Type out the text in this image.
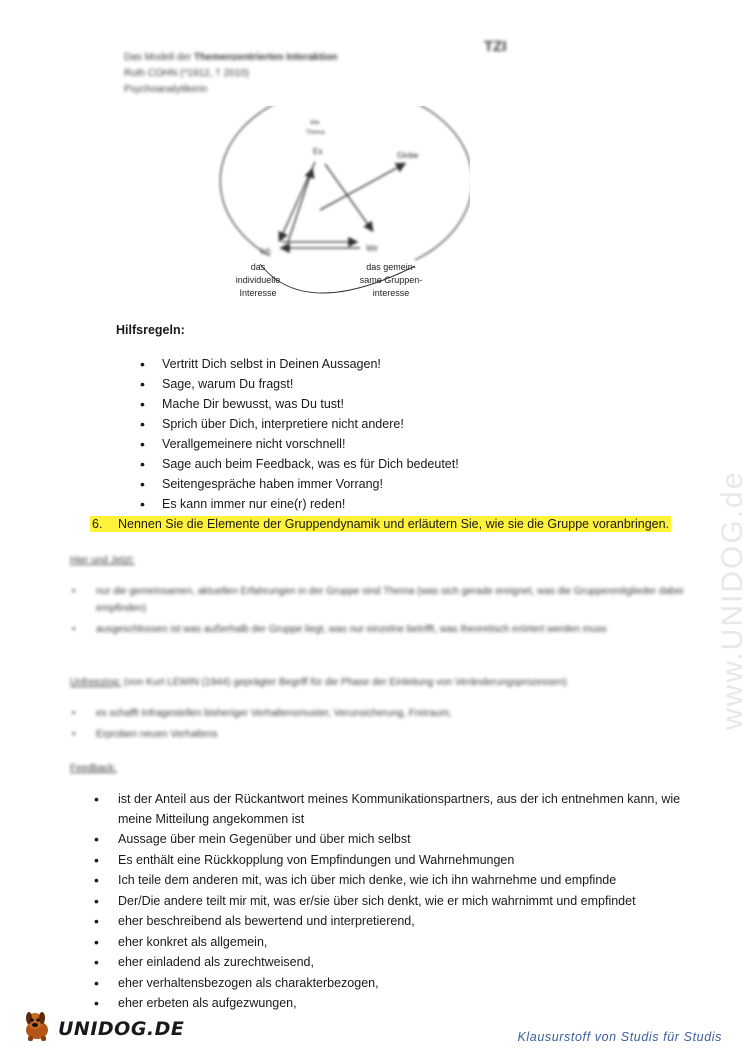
TZI
Das Modell der Themenzentrierten Interaktion
Ruth COHN (*1912, † 2010)
Psychoanalytikerin
das
Thema
Es	Globe
Ich	Wir
das
individuelle
Interesse
das gemein-
same Gruppen-
interesse
Hilfsregeln:
• Vertritt Dich selbst in Deinen Aussagen!
• Sage, warum Du fragst!
• Mache Dir bewusst, was Du tust!
• Sprich über Dich, interpretiere nicht andere!
• Verallgemeinere nicht vorschnell!
• Sage auch beim Feedback, was es für Dich bedeutet!
• Seitengespräche haben immer Vorrang!
• Es kann immer nur eine(r) reden!
6. Nennen Sie die Elemente der Gruppendynamik und erläutern Sie, wie sie die Gruppe voranbringen.
Hier und Jetzt:
• nur die gemeinsamen, aktuellen Erfahrungen in der Gruppe sind Thema (was sich gerade ereignet, was die Gruppenmitglieder dabei empfinden)
• ausgeschlossen ist was außerhalb der Gruppe liegt, was nur einzelne betrifft, was theoretisch erörtert werden muss
Unfreezing: (von Kurt LEWIN (1944) geprägter Begriff für die Phase der Einleitung von Veränderungsprozessen)
• es schafft Infragestellen bisheriger Verhaltensmuster, Verunsicherung, Freiraum,
• Erproben neuen Verhaltens
Feedback:
• ist der Anteil aus der Rückantwort meines Kommunikationspartners, aus der ich entnehmen kann, wie meine Mitteilung angekommen ist
• Aussage über mein Gegenüber und über mich selbst
• Es enthält eine Rückkopplung von Empfindungen und Wahrnehmungen
• Ich teile dem anderen mit, was ich über mich denke, wie ich ihn wahrnehme und empfinde
• Der/Die andere teilt mir mit, was er/sie über sich denkt, wie er mich wahrnimmt und empfindet
• eher beschreibend als bewertend und interpretierend,
• eher konkret als allgemein,
• eher einladend als zurechtweisend,
• eher verhaltensbezogen als charakterbezogen,
• eher erbeten als aufgezwungen,
www.UNIDOG.de
UNIDOG.DE	Klausurstoff von Studis für Studis
